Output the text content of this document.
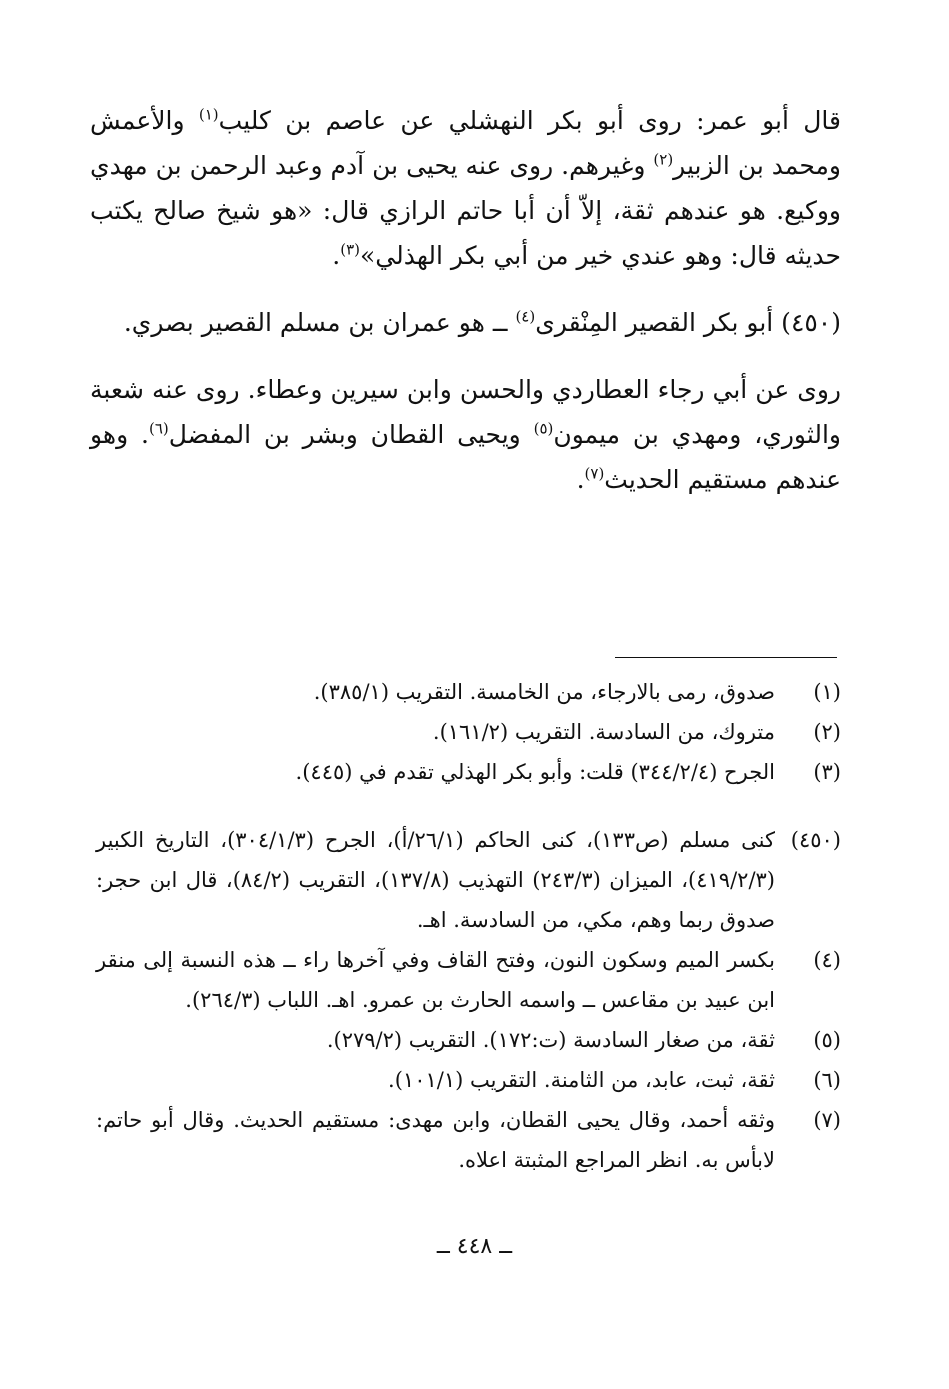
قال أبو عمر: روى أبو بكر النهشلي عن عاصم بن كليب$^{(١)}$ والأعمش ومحمد بن الزبير$^{(٢)}$ وغيرهم. روى عنه يحيى بن آدم وعبد الرحمن بن مهدي ووكيع. هو عندهم ثقة، إلاّ أن أبا حاتم الرازي قال: «هو شيخ صالح يكتب حديثه قال: وهو عندي خير من أبي بكر الهذلي»$^{(٣)}$.

(٤٥٠) أبو بكر القصير المِنْقرى$^{(٤)}$ ــ هو عمران بن مسلم القصير بصري.

روى عن أبي رجاء العطاردي والحسن وابن سيرين وعطاء. روى عنه شعبة والثوري، ومهدي بن ميمون$^{(٥)}$ ويحيى القطان وبشر بن المفضل$^{(٦)}$. وهو عندهم مستقيم الحديث$^{(٧)}$.

(١)
صدوق، رمى بالارجاء، من الخامسة. التقريب (٣٨٥/١).
(٢)
متروك، من السادسة. التقريب (١٦١/٢).
(٣)
الجرح (٣٤٤/٢/٤) قلت: وأبو بكر الهذلي تقدم في (٤٤٥).
(٤٥٠)
كنى مسلم (ص١٣٣)، كنى الحاكم (٢٦/١/أ)، الجرح (٣٠٤/١/٣)، التاريخ الكبير (٤١٩/٢/٣)، الميزان (٢٤٣/٣) التهذيب (١٣٧/٨)، التقريب (٨٤/٢)، قال ابن حجر: صدوق ربما وهم، مكي، من السادسة. اهـ.
(٤)
بكسر الميم وسكون النون، وفتح القاف وفي آخرها راء ــ هذه النسبة إلى منقر ابن عبيد بن مقاعس ــ واسمه الحارث بن عمرو. اهـ. اللباب (٢٦٤/٣).
(٥)
ثقة، من صغار السادسة (ت:١٧٢). التقريب (٢٧٩/٢).
(٦)
ثقة، ثبت، عابد، من الثامنة. التقريب (١٠١/١).
(٧)
وثقه أحمد، وقال يحيى القطان، وابن مهدى: مستقيم الحديث. وقال أبو حاتم: لابأس به. انظر المراجع المثبتة اعلاه.
ــ ٤٤٨ ــ
